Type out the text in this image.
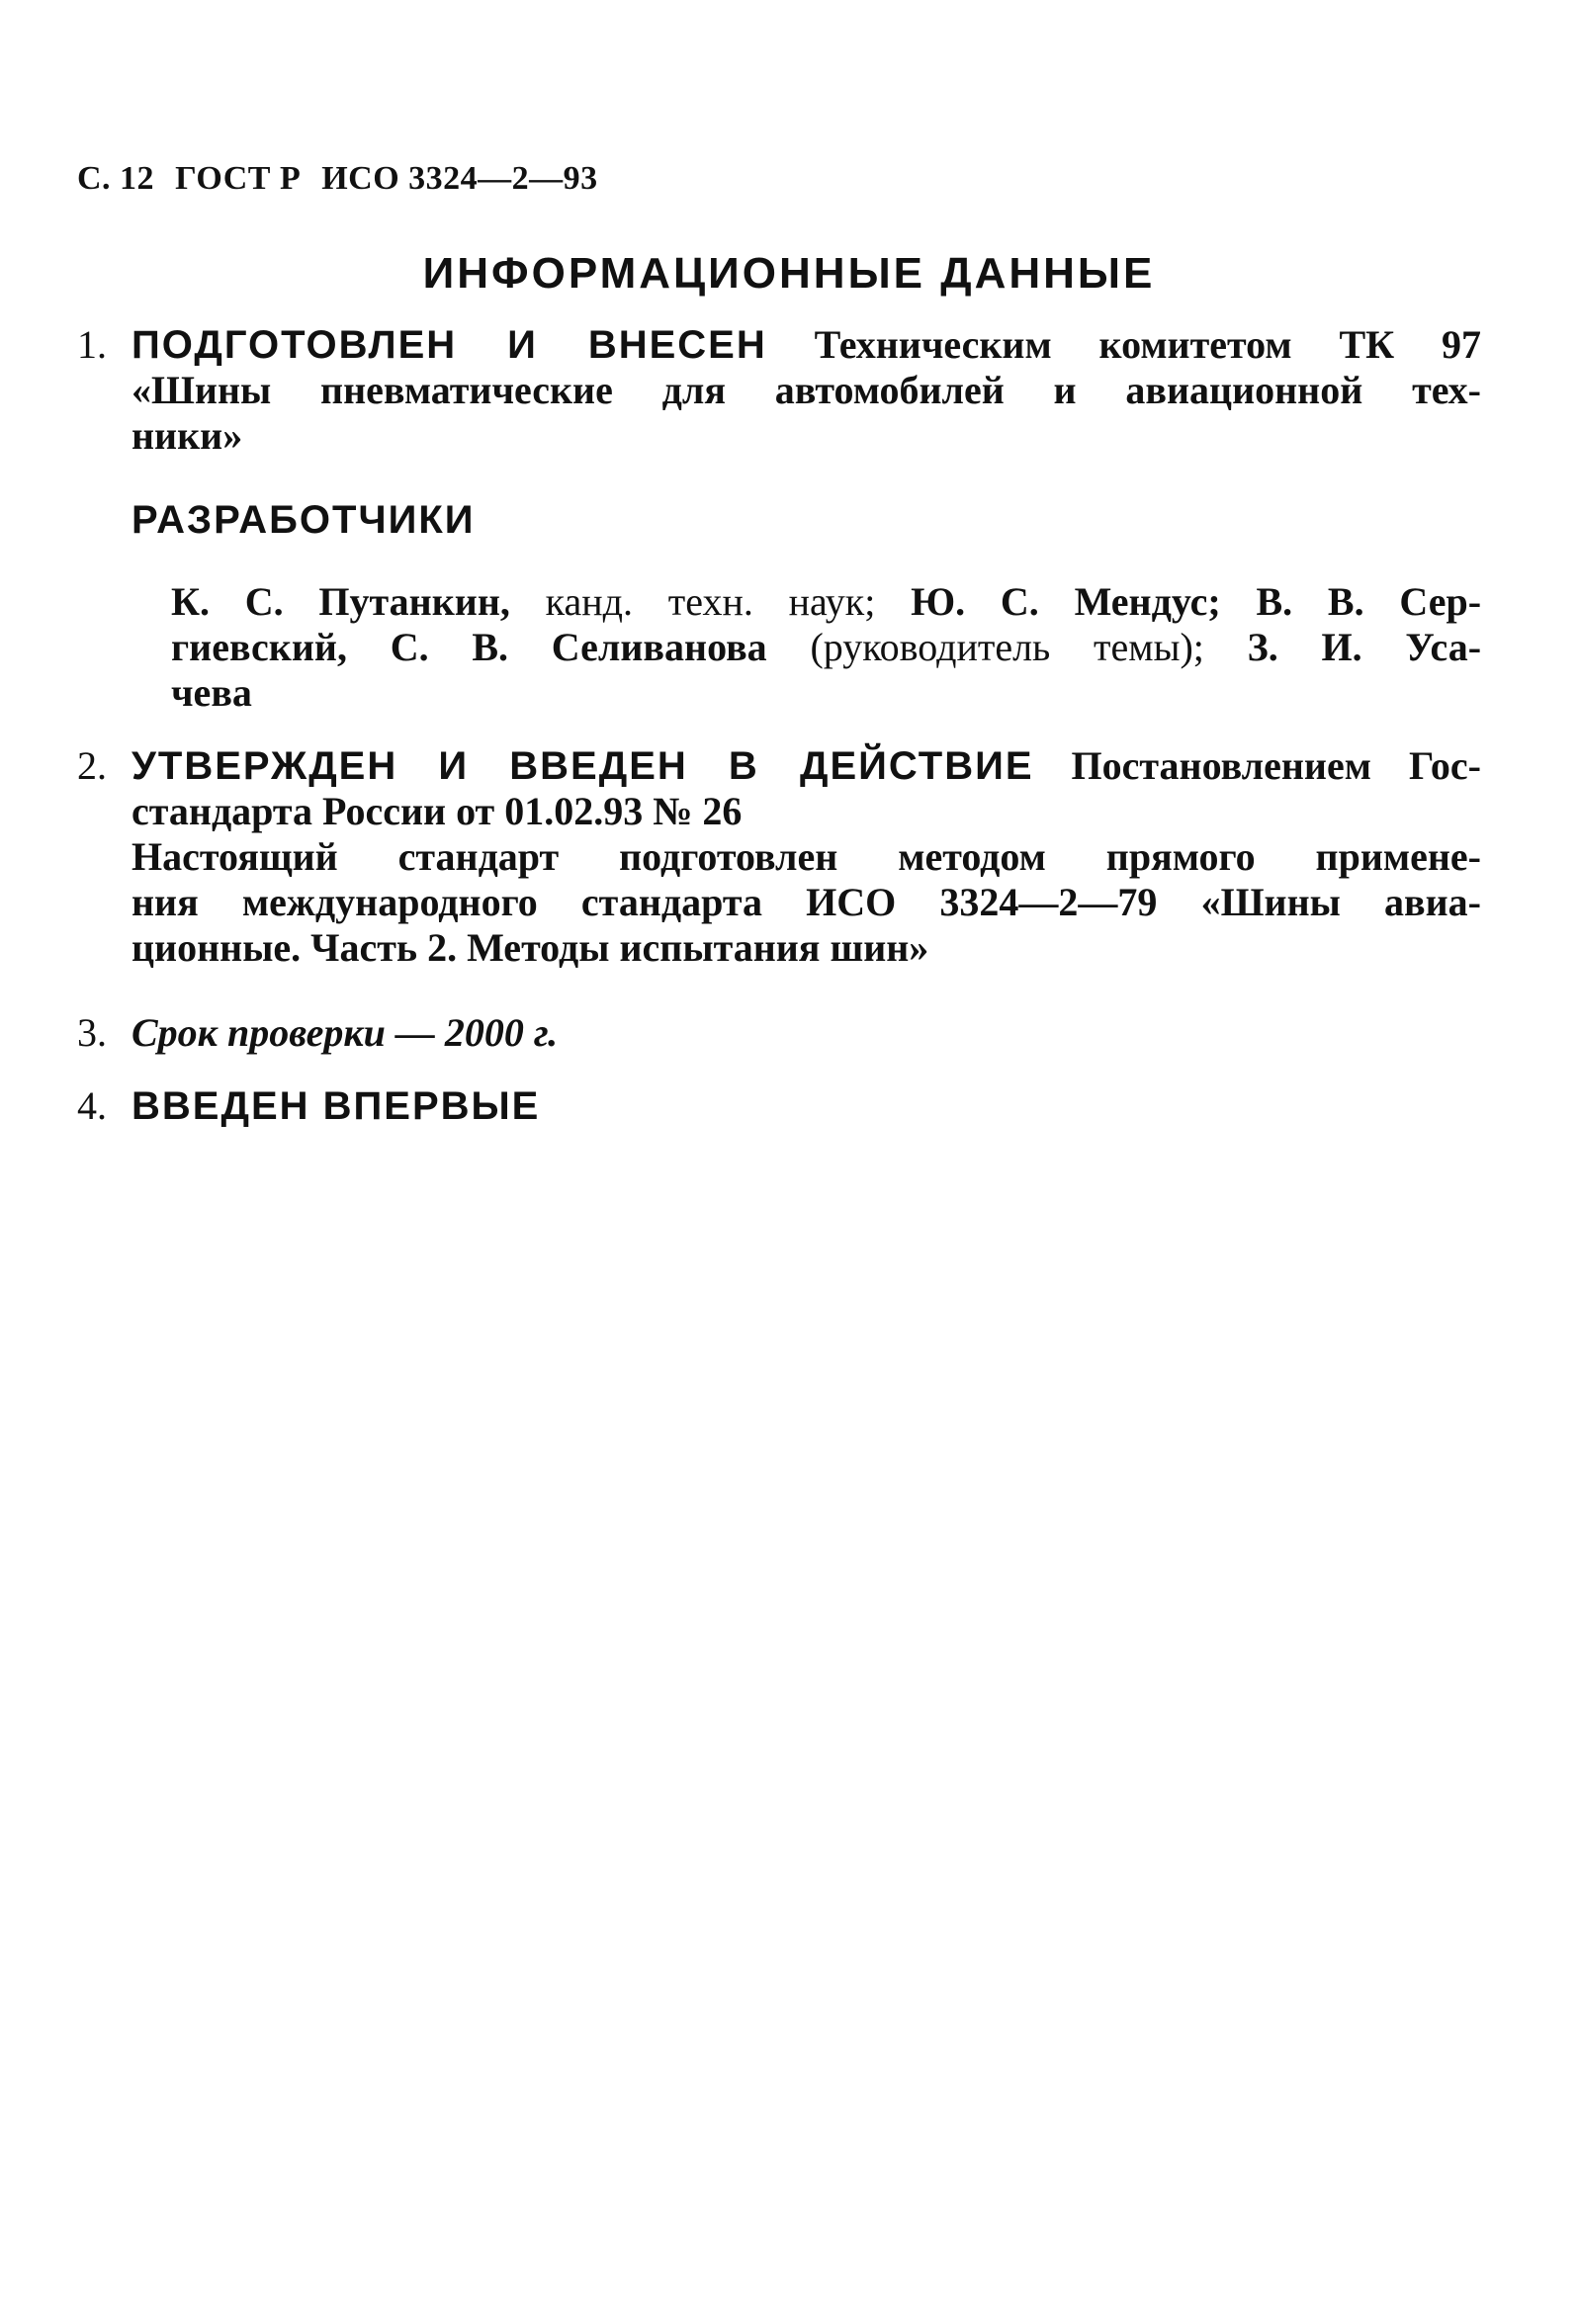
С. 12 ГОСТ Р ИСО 3324—2—93
ИНФОРМАЦИОННЫЕ ДАННЫЕ
1. ПОДГОТОВЛЕН И ВНЕСЕН Техническим комитетом ТК 97
«Шины пневматические для автомобилей и авиационной тех-
ники»
РАЗРАБОТЧИКИ
К. С. Путанкин, канд. техн. наук; Ю. С. Мендус; В. В. Сер-
гиевский, С. В. Селиванова (руководитель темы); З. И. Уса-
чева
2. УТВЕРЖДЕН И ВВЕДЕН В ДЕЙСТВИЕ Постановлением Гос-
стандарта России от 01.02.93 № 26
Настоящий стандарт подготовлен методом прямого примене-
ния международного стандарта ИСО 3324—2—79 «Шины авиа-
ционные. Часть 2. Методы испытания шин»
3. Срок проверки — 2000 г.
4. ВВЕДЕН ВПЕРВЫЕ
